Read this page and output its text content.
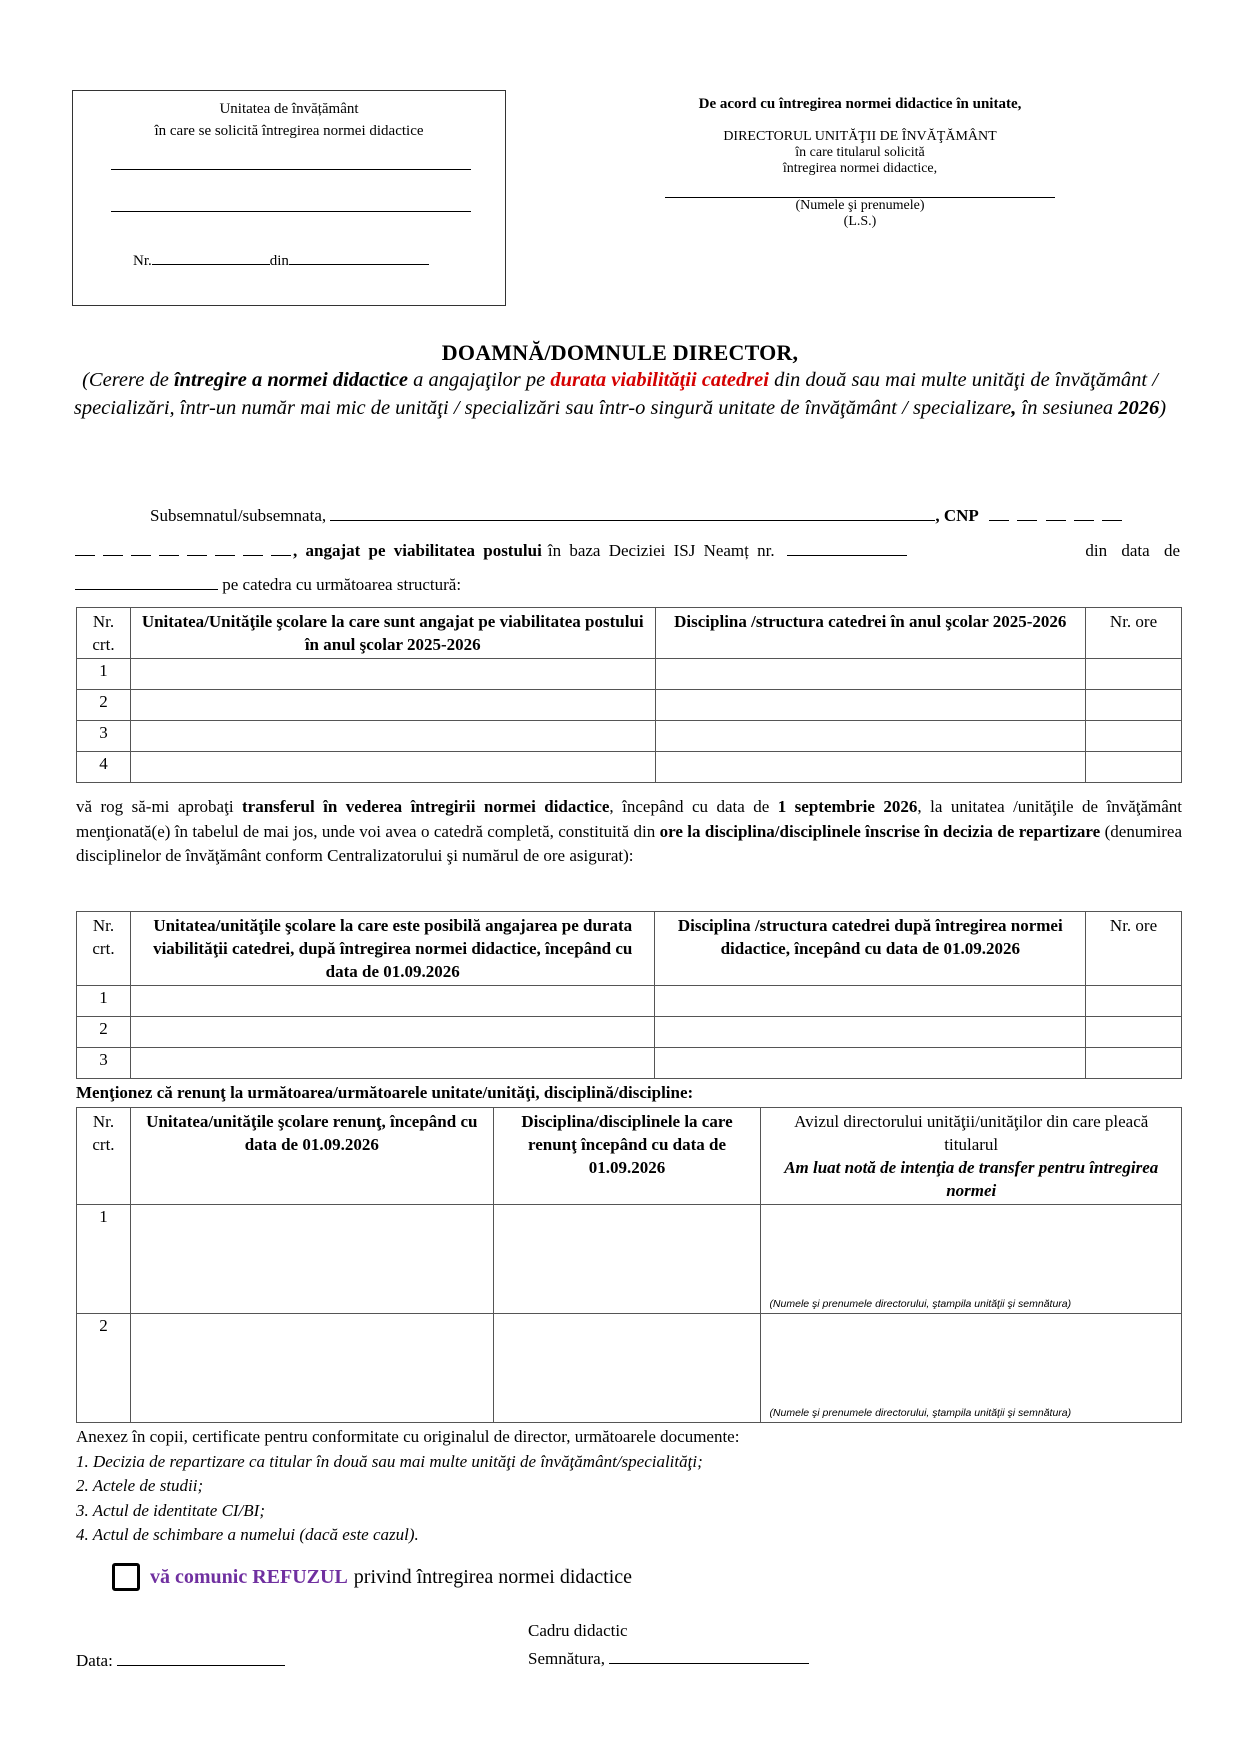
Unitatea de învățământ
în care se solicită întregirea normei didactice
Nr.	din
De acord cu întregirea normei didactice în unitate,
DIRECTORUL UNITĂŢII DE ÎNVĂŢĂMÂNT
în care titularul solicită
întregirea normei didactice,
(Numele şi prenumele)
(L.S.)
DOAMNĂ/DOMNULE DIRECTOR,
(Cerere de întregire a normei didactice a angajaţilor pe durata viabilităţii catedrei din două sau mai multe unităţi de învăţământ / specializări, într-un număr mai mic de unităţi / specializări sau într-o singură unitate de învăţământ / specializare, în sesiunea 2026)
Subsemnatul/subsemnata,	, CNP
, angajat pe viabilitatea postului în baza Deciziei ISJ Neamț nr.	din data de
pe catedra cu următoarea structură:
Nr. crt.	Unitatea/Unităţile şcolare la care sunt angajat pe viabilitatea postului în anul şcolar 2025-2026	Disciplina /structura catedrei în anul şcolar 2025-2026	Nr. ore
1			
2			
3			
4			
vă rog să-mi aprobaţi transferul în vederea întregirii normei didactice, începând cu data de 1 septembrie 2026, la unitatea /unităţile de învăţământ menţionată(e) în tabelul de mai jos, unde voi avea o catedră completă, constituită din ore la disciplina/disciplinele înscrise în decizia de repartizare (denumirea disciplinelor de învăţământ conform Centralizatorului şi numărul de ore asigurat):
Nr. crt.	Unitatea/unităţile şcolare la care este posibilă angajarea pe durata viabilităţii catedrei, după întregirea normei didactice, începând cu data de 01.09.2026	Disciplina /structura catedrei după întregirea normei didactice, începând cu data de 01.09.2026	Nr. ore
1			
2			
3			
Menţionez că renunţ la următoarea/următoarele unitate/unităţi, disciplină/discipline:
Nr. crt.	Unitatea/unităţile şcolare renunţ, începând cu data de 01.09.2026	Disciplina/disciplinele la care renunţ începând cu data de 01.09.2026	Avizul directorului unităţii/unităţilor din care pleacă titularul
Am luat notă de intenţia de transfer pentru întregirea normei

1			(Numele şi prenumele directorului, ştampila unităţii şi semnătura)
2			(Numele şi prenumele directorului, ştampila unităţii şi semnătura)
Anexez în copii, certificate pentru conformitate cu originalul de director, următoarele documente:
1. Decizia de repartizare ca titular în două sau mai multe unităţi de învăţământ/specialităţi;
2. Actele de studii;
3. Actul de identitate CI/BI;
4. Actul de schimbare a numelui (dacă este cazul).
vă comunic REFUZUL privind întregirea normei didactice
Data:
Cadru didactic
Semnătura,
